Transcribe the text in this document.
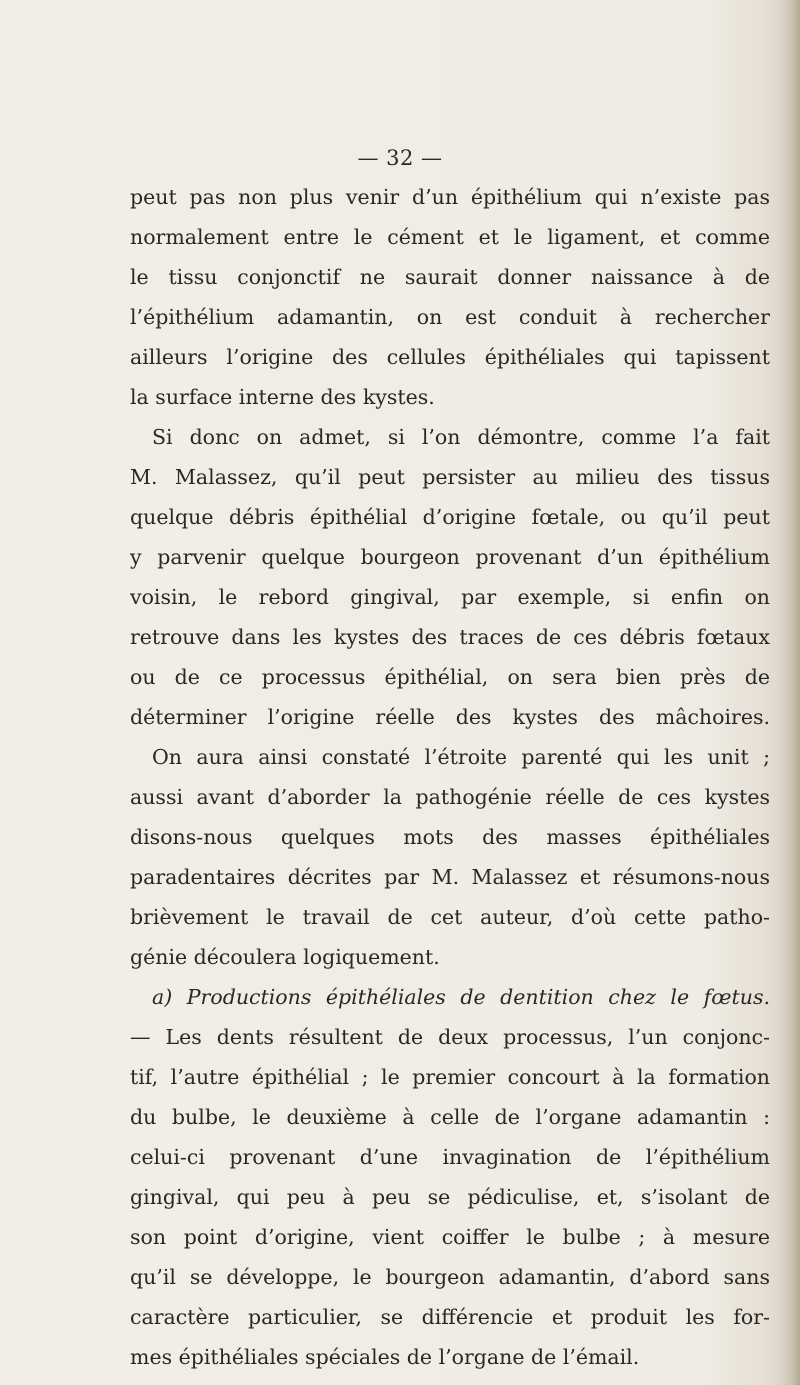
— 32 —
peut pas non plus venir d’un épithélium qui n’existe pas
normalement entre le cément et le ligament, et comme
le tissu conjonctif ne saurait donner naissance à de
l’épithélium adamantin, on est conduit à rechercher
ailleurs l’origine des cellules épithéliales qui tapissent
la surface interne des kystes.
Si donc on admet, si l’on démontre, comme l’a fait
M. Malassez, qu’il peut persister au milieu des tissus
quelque débris épithélial d’origine fœtale, ou qu’il peut
y parvenir quelque bourgeon provenant d’un épithélium
voisin, le rebord gingival, par exemple, si enfin on
retrouve dans les kystes des traces de ces débris fœtaux
ou de ce processus épithélial, on sera bien près de
déterminer l’origine réelle des kystes des mâchoires.
On aura ainsi constaté l’étroite parenté qui les unit ;
aussi avant d’aborder la pathogénie réelle de ces kystes
disons-nous quelques mots des masses épithéliales
paradentaires décrites par M. Malassez et résumons-nous
brièvement le travail de cet auteur, d’où cette patho-
génie découlera logiquement.
a) Productions épithéliales de dentition chez le fœtus.
— Les dents résultent de deux processus, l’un conjonc-
tif, l’autre épithélial ; le premier concourt à la formation
du bulbe, le deuxième à celle de l’organe adamantin :
celui-ci provenant d’une invagination de l’épithélium
gingival, qui peu à peu se pédiculise, et, s’isolant de
son point d’origine, vient coiffer le bulbe ; à mesure
qu’il se développe, le bourgeon adamantin, d’abord sans
caractère particulier, se différencie et produit les for-
mes épithéliales spéciales de l’organe de l’émail.
